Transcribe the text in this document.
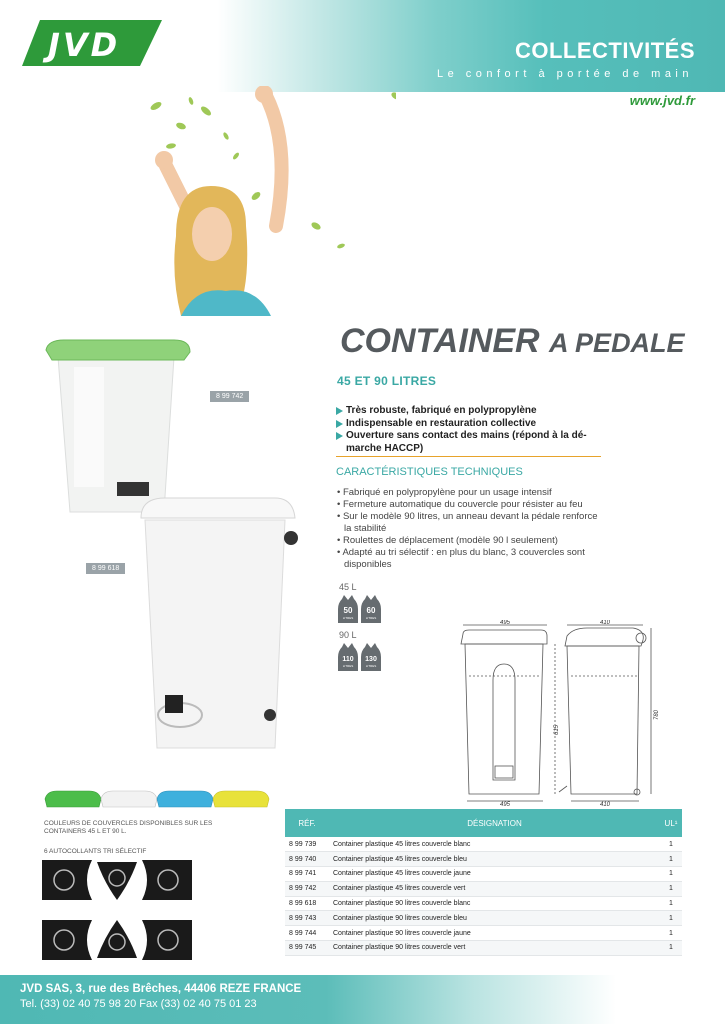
JVD	COLLECTIVITÉS
Le confort à portée de main
www.jvd.fr
8 99 742
8 99 618
CONTAINER A PEDALE
45 ET 90 LITRES
Très robuste, fabriqué en polypropylène
Indispensable en restauration collective
Ouverture sans contact des mains (répond à la dé-marche HACCP)
CARACTÉRISTIQUES TECHNIQUES
• Fabriqué en polypropylène pour un usage intensif
• Fermeture automatique du couvercle pour résister au feu
• Sur le modèle 90 litres, un anneau devant la pédale renforce la stabilité
• Roulettes de déplacement (modèle 90 l seulement)
• Adapté au tri sélectif : en plus du blanc, 3 couvercles sont disponibles
45 L
50
LITRES
60
LITRES
90 L
110
LITRES
130
LITRES
495	410
495	410
615
780
COULEURS DE COUVERCLES DISPONIBLES SUR LES CONTAINERS 45 L ET 90 L.
6 AUTOCOLLANTS TRI SÉLECTIF
RÉF.	DÉSIGNATION	UL¹
8 99 739	Container plastique 45 litres couvercle blanc	1
8 99 740	Container plastique 45 litres couvercle bleu	1
8 99 741	Container plastique 45 litres couvercle jaune	1
8 99 742	Container plastique 45 litres couvercle vert	1
8 99 618	Container plastique 90 litres couvercle blanc	1
8 99 743	Container plastique 90 litres couvercle bleu	1
8 99 744	Container plastique 90 litres couvercle jaune	1
8 99 745	Container plastique 90 litres couvercle vert	1
JVD SAS, 3, rue des Brêches, 44406 REZE FRANCE
Tel. (33) 02 40 75 98 20 Fax (33) 02 40 75 01 23
